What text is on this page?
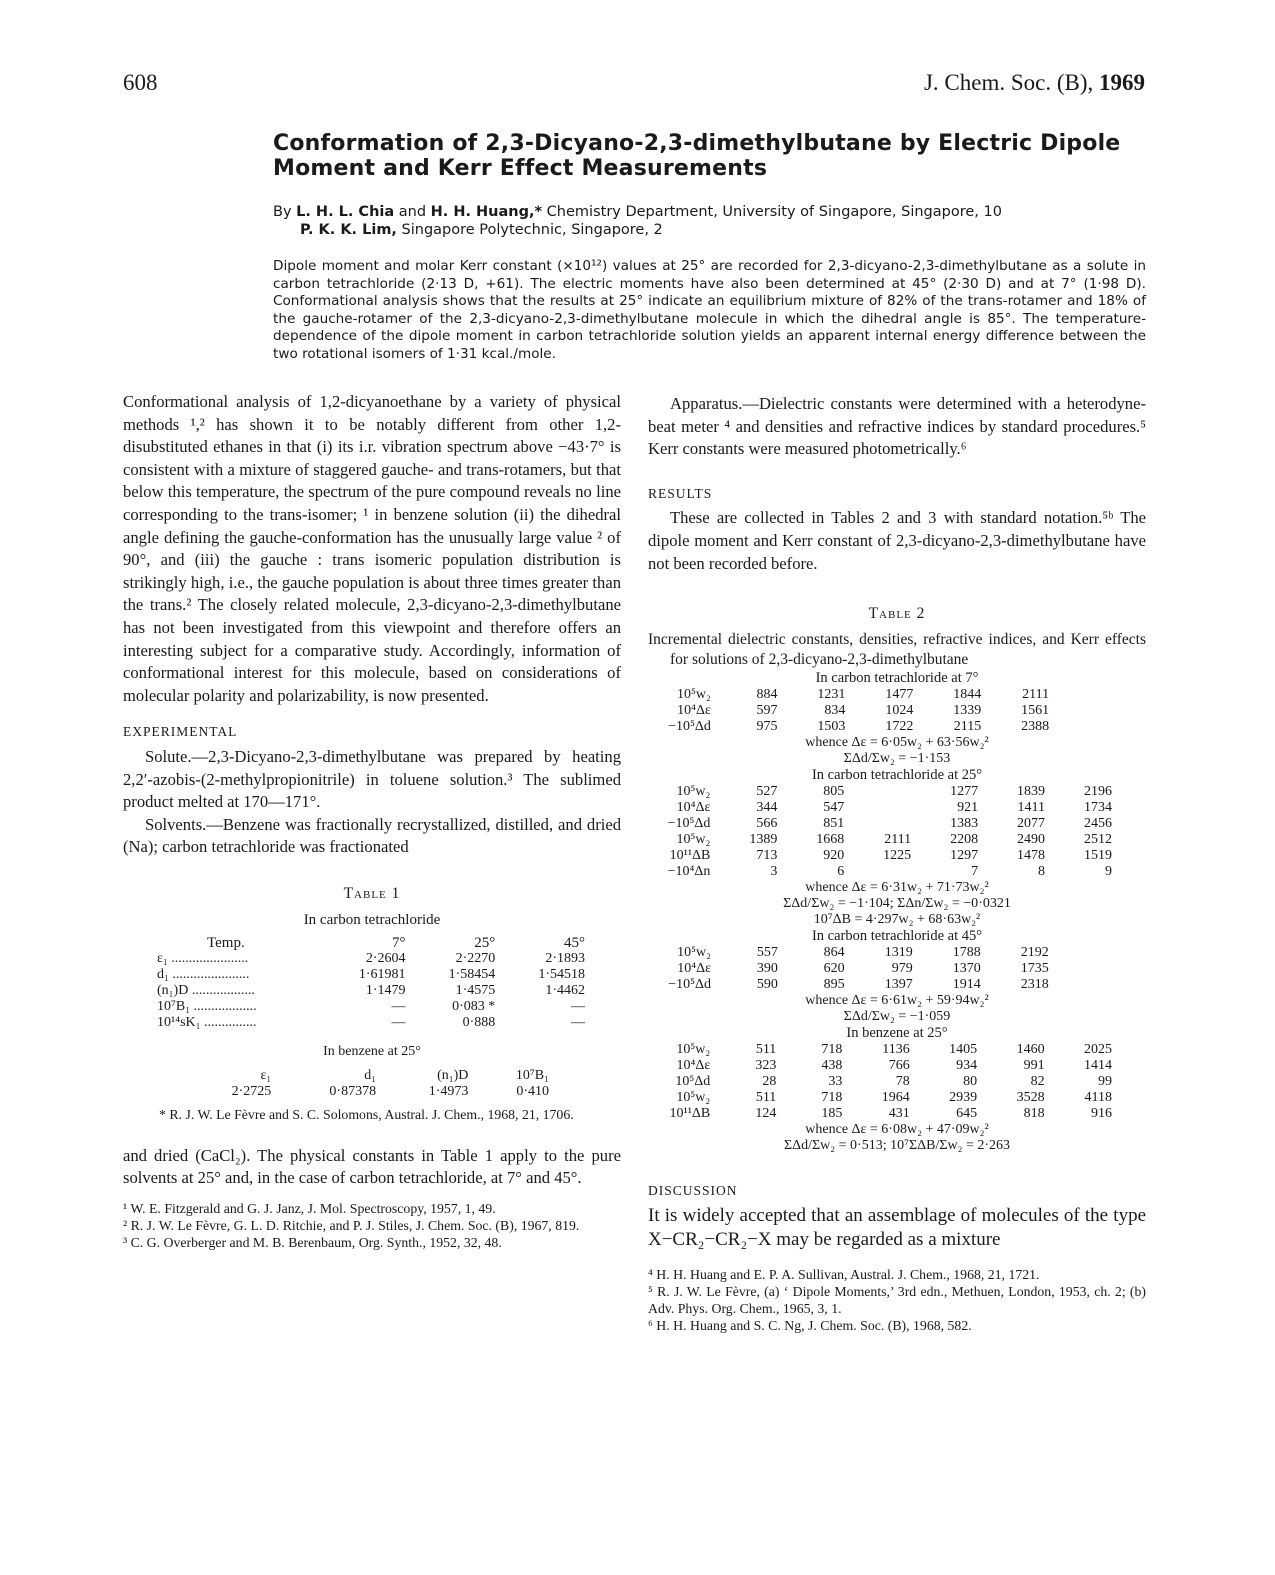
608	J. Chem. Soc. (B), 1969
Conformation of 2,3-Dicyano-2,3-dimethylbutane by Electric Dipole Moment and Kerr Effect Measurements
By L. H. L. Chia and H. H. Huang,* Chemistry Department, University of Singapore, Singapore, 10
P. K. K. Lim, Singapore Polytechnic, Singapore, 2
Dipole moment and molar Kerr constant (×10¹²) values at 25° are recorded for 2,3-dicyano-2,3-dimethylbutane as a solute in carbon tetrachloride (2·13 D, +61). The electric moments have also been determined at 45° (2·30 D) and at 7° (1·98 D). Conformational analysis shows that the results at 25° indicate an equilibrium mixture of 82% of the trans-rotamer and 18% of the gauche-rotamer of the 2,3-dicyano-2,3-dimethylbutane molecule in which the dihedral angle is 85°. The temperature-dependence of the dipole moment in carbon tetrachloride solution yields an apparent internal energy difference between the two rotational isomers of 1·31 kcal./mole.

Conformational analysis of 1,2-dicyanoethane by a variety of physical methods ¹,² has shown it to be notably different from other 1,2-disubstituted ethanes in that (i) its i.r. vibration spectrum above −43·7° is consistent with a mixture of staggered gauche- and trans-rotamers, but that below this temperature, the spectrum of the pure compound reveals no line corresponding to the trans-isomer; ¹ in benzene solution (ii) the dihedral angle defining the gauche-conformation has the unusually large value ² of 90°, and (iii) the gauche : trans isomeric population distribution is strikingly high, i.e., the gauche population is about three times greater than the trans.² The closely related molecule, 2,3-dicyano-2,3-dimethylbutane has not been investigated from this viewpoint and therefore offers an interesting subject for a comparative study. Accordingly, information of conformational interest for this molecule, based on considerations of molecular polarity and polarizability, is now presented.

EXPERIMENTAL

Solute.—2,3-Dicyano-2,3-dimethylbutane was prepared by heating 2,2′-azobis-(2-methylpropionitrile) in toluene solution.³ The sublimed product melted at 170—171°.

Solvents.—Benzene was fractionally recrystallized, distilled, and dried (Na); carbon tetrachloride was fractionated

Table 1
In carbon tetrachloride
Temp.	7°	25°	45°
ε₁ ......................	2·2604	2·2270	2·1893
d₁ ......................	1·61981	1·58454	1·54518
(n₁)D ..................	1·1479	1·4575	1·4462
10⁷B₁ ..................	—	0·083 *	—
10¹⁴sK₁ ...............	—	0·888	—
In benzene at 25°
ε₁	d₁	(n₁)D	10⁷B₁
2·2725	0·87378	1·4973	0·410

* R. J. W. Le Fèvre and S. C. Solomons, Austral. J. Chem., 1968, 21, 1706.

and dried (CaCl₂). The physical constants in Table 1 apply to the pure solvents at 25° and, in the case of carbon tetrachloride, at 7° and 45°.

¹ W. E. Fitzgerald and G. J. Janz, J. Mol. Spectroscopy, 1957, 1, 49.

² R. J. W. Le Fèvre, G. L. D. Ritchie, and P. J. Stiles, J. Chem. Soc. (B), 1967, 819.

³ C. G. Overberger and M. B. Berenbaum, Org. Synth., 1952, 32, 48.

Apparatus.—Dielectric constants were determined with a heterodyne-beat meter ⁴ and densities and refractive indices by standard procedures.⁵ Kerr constants were measured photometrically.⁶

RESULTS

These are collected in Tables 2 and 3 with standard notation.⁵ᵇ The dipole moment and Kerr constant of 2,3-dicyano-2,3-dimethylbutane have not been recorded before.

Table 2

Incremental dielectric constants, densities, refractive indices, and Kerr effects for solutions of 2,3-dicyano-2,3-dimethylbutane

In carbon tetrachloride at 7°
10⁵w₂	884	1231	1477	1844	2111	
10⁴Δε	597	834	1024	1339	1561	
−10⁵Δd	975	1503	1722	2115	2388	
whence Δε = 6·05w₂ + 63·56w₂²
ΣΔd/Σw₂ = −1·153
In carbon tetrachloride at 25°
10⁵w₂	527	805		1277	1839	2196
10⁴Δε	344	547		921	1411	1734
−10⁵Δd	566	851		1383	2077	2456
10⁵w₂	1389	1668	2111	2208	2490	2512
10¹¹ΔB	713	920	1225	1297	1478	1519
−10⁴Δn	3	6		7	8	9
whence Δε = 6·31w₂ + 71·73w₂²
ΣΔd/Σw₂ = −1·104; ΣΔn/Σw₂ = −0·0321
10⁷ΔB = 4·297w₂ + 68·63w₂²
In carbon tetrachloride at 45°
10⁵w₂	557	864	1319	1788	2192	
10⁴Δε	390	620	979	1370	1735	
−10⁵Δd	590	895	1397	1914	2318	
whence Δε = 6·61w₂ + 59·94w₂²
ΣΔd/Σw₂ = −1·059
In benzene at 25°
10⁵w₂	511	718	1136	1405	1460	2025
10⁴Δε	323	438	766	934	991	1414
10⁵Δd	28	33	78	80	82	99
10⁵w₂	511	718	1964	2939	3528	4118
10¹¹ΔB	124	185	431	645	818	916
whence Δε = 6·08w₂ + 47·09w₂²
ΣΔd/Σw₂ = 0·513; 10⁷ΣΔB/Σw₂ = 2·263
DISCUSSION

It is widely accepted that an assemblage of molecules of the type X−CR₂−CR₂−X may be regarded as a mixture

⁴ H. H. Huang and E. P. A. Sullivan, Austral. J. Chem., 1968, 21, 1721.

⁵ R. J. W. Le Fèvre, (a) ‘ Dipole Moments,’ 3rd edn., Methuen, London, 1953, ch. 2; (b) Adv. Phys. Org. Chem., 1965, 3, 1.

⁶ H. H. Huang and S. C. Ng, J. Chem. Soc. (B), 1968, 582.
